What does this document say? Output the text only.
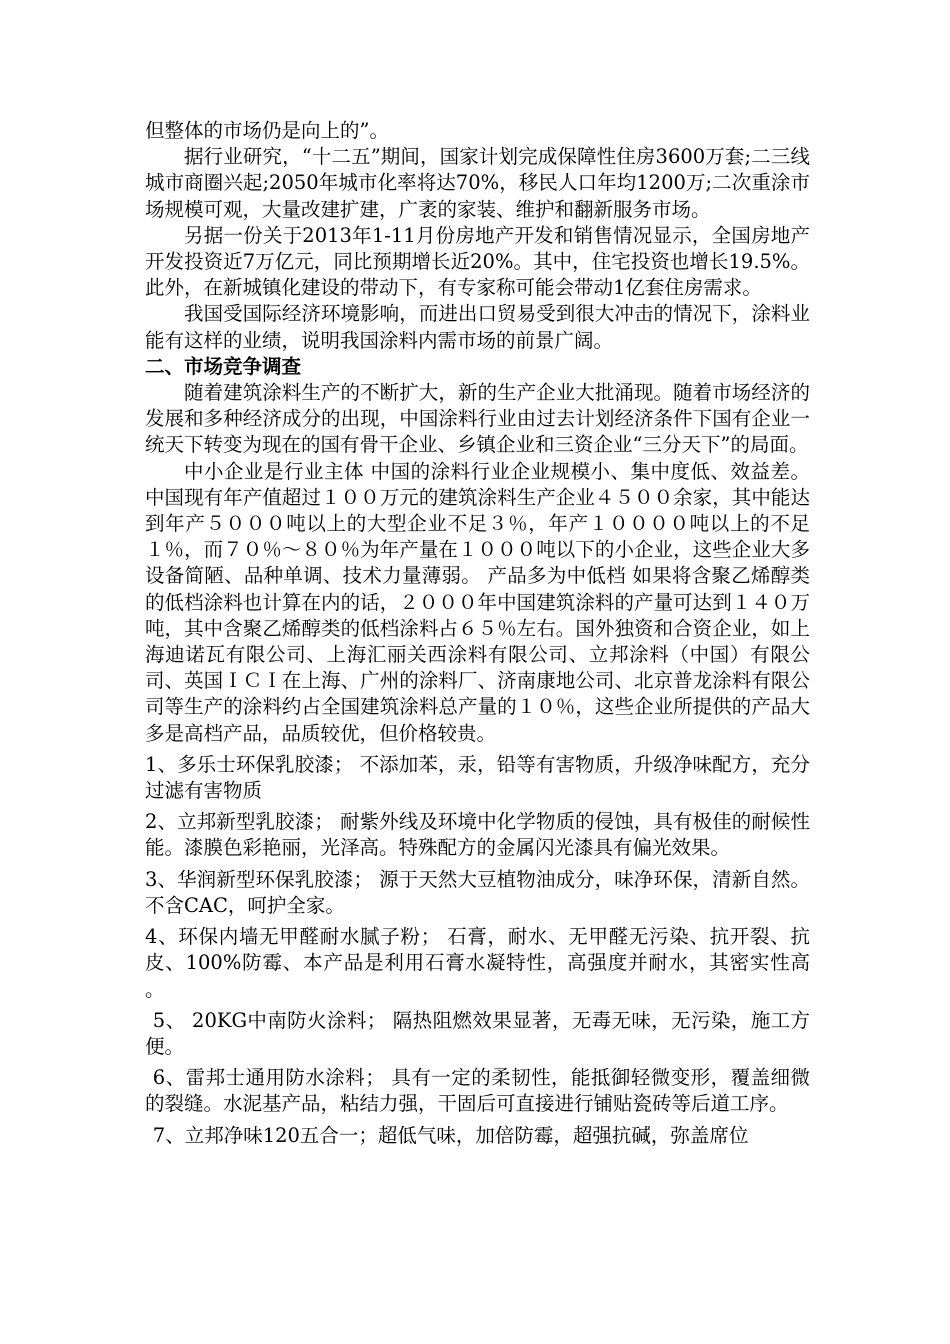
但整体的市场仍是向上的”。

据行业研究，“十二五”期间，国家计划完成保障性住房3600万套;二三线城市商圈兴起;2050年城市化率将达70%，移民人口年均1200万;二次重涂市场规模可观，大量改建扩建，广袤的家装、维护和翻新服务市场。

另据一份关于2013年1-11月份房地产开发和销售情况显示，全国房地产开发投资近7万亿元，同比预期增长近20%。其中，住宅投资也增长19.5%。此外，在新城镇化建设的带动下，有专家称可能会带动1亿套住房需求。

我国受国际经济环境影响，而进出口贸易受到很大冲击的情况下，涂料业能有这样的业绩，说明我国涂料内需市场的前景广阔。

二、市场竞争调查

随着建筑涂料生产的不断扩大，新的生产企业大批涌现。随着市场经济的发展和多种经济成分的出现，中国涂料行业由过去计划经济条件下国有企业一统天下转变为现在的国有骨干企业、乡镇企业和三资企业“三分天下”的局面。

中小企业是行业主体 中国的涂料行业企业规模小、集中度低、效益差。中国现有年产值超过１００万元的建筑涂料生产企业４５００余家，其中能达到年产５０００吨以上的大型企业不足３％，年产１００００吨以上的不足１％，而７０％～８０％为年产量在１０００吨以下的小企业，这些企业大多设备简陋、品种单调、技术力量薄弱。 产品多为中低档 如果将含聚乙烯醇类的低档涂料也计算在内的话，２０００年中国建筑涂料的产量可达到１４０万吨，其中含聚乙烯醇类的低档涂料占６５％左右。国外独资和合资企业，如上海迪诺瓦有限公司、上海汇丽关西涂料有限公司、立邦涂料（中国）有限公司、英国ＩＣＩ在上海、广州的涂料厂、济南康地公司、北京普龙涂料有限公司等生产的涂料约占全国建筑涂料总产量的１０％，这些企业所提供的产品大多是高档产品，品质较优，但价格较贵。

1、多乐士环保乳胶漆； 不添加苯，汞，铅等有害物质，升级净味配方，充分过滤有害物质

2、立邦新型乳胶漆； 耐紫外线及环境中化学物质的侵蚀，具有极佳的耐候性能。漆膜色彩艳丽，光泽高。特殊配方的金属闪光漆具有偏光效果。

3、华润新型环保乳胶漆； 源于天然大豆植物油成分，味净环保，清新自然。不含CAC，呵护全家。

4、环保内墙无甲醛耐水腻子粉； 石膏，耐水、无甲醛无污染、抗开裂、抗皮、100%防霉、本产品是利用石膏水凝特性，高强度并耐水，其密实性高 。

5、 20KG中南防火涂料； 隔热阻燃效果显著，无毒无味，无污染，施工方便。

6、雷邦士通用防水涂料； 具有一定的柔韧性，能抵御轻微变形，覆盖细微的裂缝。水泥基产品，粘结力强，干固后可直接进行铺贴瓷砖等后道工序。

7、立邦净味120五合一；超低气味，加倍防霉，超强抗碱，弥盖席位
